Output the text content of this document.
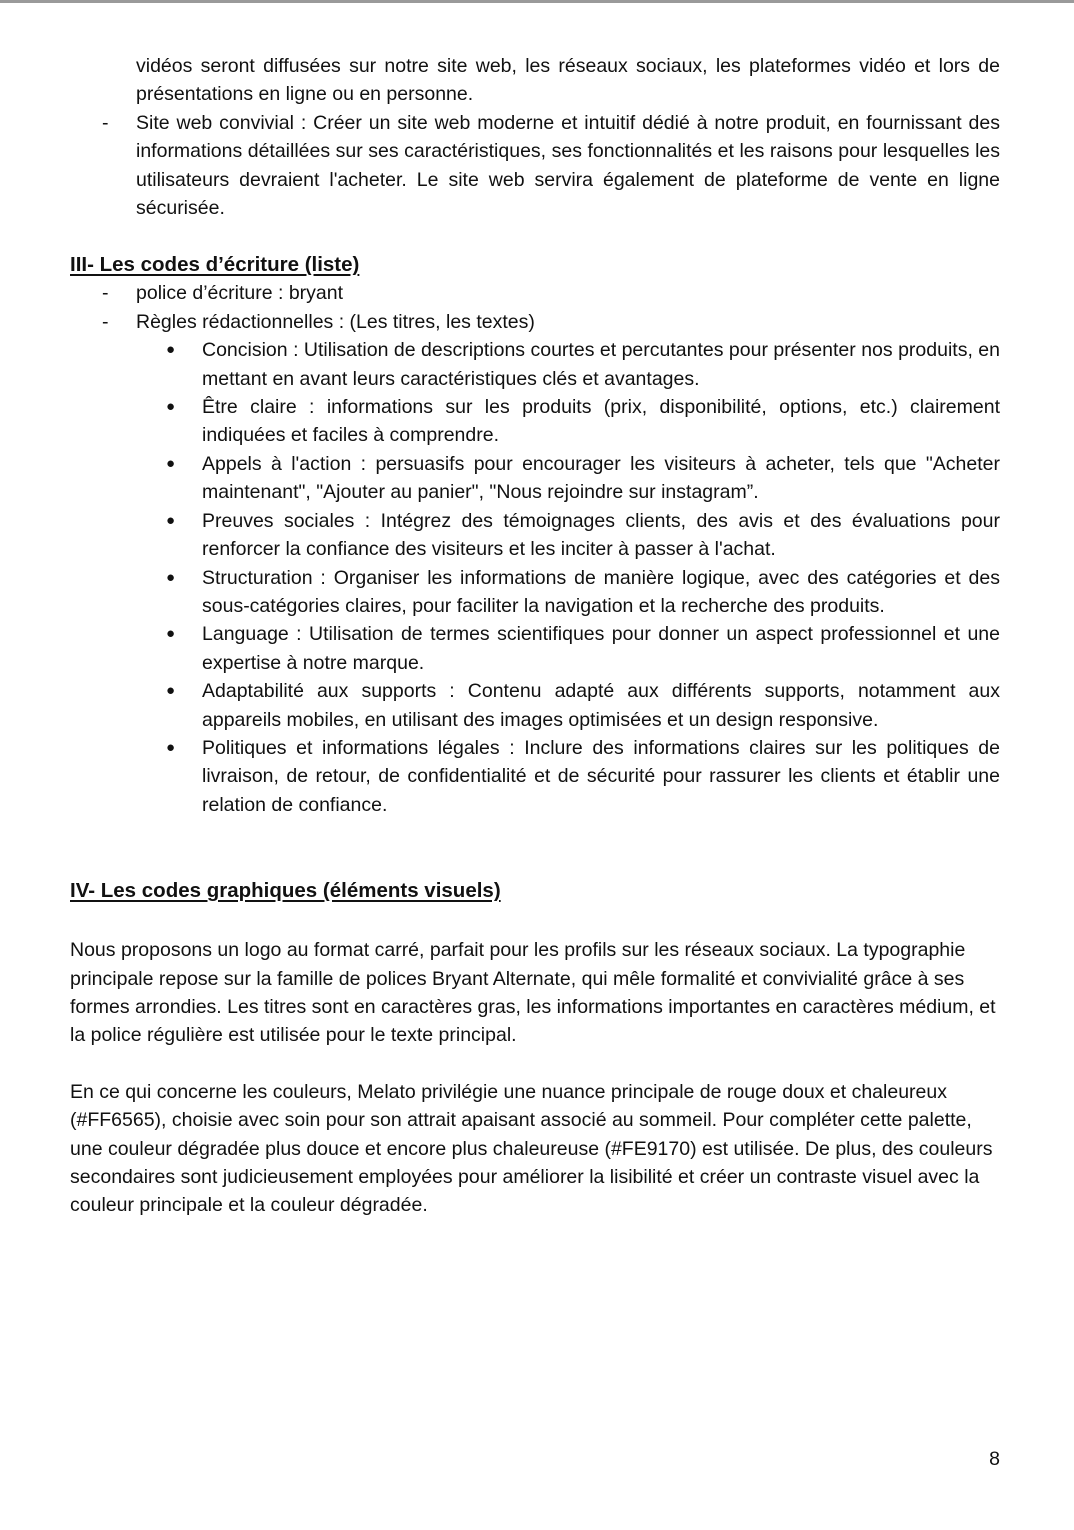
vidéos seront diffusées sur notre site web, les réseaux sociaux, les plateformes vidéo et lors de présentations en ligne ou en personne.
- Site web convivial : Créer un site web moderne et intuitif dédié à notre produit, en fournissant des informations détaillées sur ses caractéristiques, ses fonctionnalités et les raisons pour lesquelles les utilisateurs devraient l'acheter. Le site web servira également de plateforme de vente en ligne sécurisée.
III- Les codes d’écriture (liste)
- police d’écriture : bryant
- Règles rédactionnelles : (Les titres, les textes)
● Concision : Utilisation de descriptions courtes et percutantes pour présenter nos produits, en mettant en avant leurs caractéristiques clés et avantages.
● Être claire : informations sur les produits (prix, disponibilité, options, etc.) clairement indiquées et faciles à comprendre.
● Appels à l'action : persuasifs pour encourager les visiteurs à acheter, tels que "Acheter maintenant", "Ajouter au panier", "Nous rejoindre sur instagram”.
● Preuves sociales : Intégrez des témoignages clients, des avis et des évaluations pour renforcer la confiance des visiteurs et les inciter à passer à l'achat.
● Structuration : Organiser les informations de manière logique, avec des catégories et des sous-catégories claires, pour faciliter la navigation et la recherche des produits.
● Language : Utilisation de termes scientifiques pour donner un aspect professionnel et une expertise à notre marque.
● Adaptabilité aux supports : Contenu adapté aux différents supports, notamment aux appareils mobiles, en utilisant des images optimisées et un design responsive.
● Politiques et informations légales : Inclure des informations claires sur les politiques de livraison, de retour, de confidentialité et de sécurité pour rassurer les clients et établir une relation de confiance.
IV- Les codes graphiques (éléments visuels)

Nous proposons un logo au format carré, parfait pour les profils sur les réseaux sociaux. La typographie principale repose sur la famille de polices Bryant Alternate, qui mêle formalité et convivialité grâce à ses formes arrondies. Les titres sont en caractères gras, les informations importantes en caractères médium, et la police régulière est utilisée pour le texte principal.

En ce qui concerne les couleurs, Melato privilégie une nuance principale de rouge doux et chaleureux (#FF6565), choisie avec soin pour son attrait apaisant associé au sommeil. Pour compléter cette palette, une couleur dégradée plus douce et encore plus chaleureuse (#FE9170) est utilisée. De plus, des couleurs secondaires sont judicieusement employées pour améliorer la lisibilité et créer un contraste visuel avec la couleur principale et la couleur dégradée.

8
